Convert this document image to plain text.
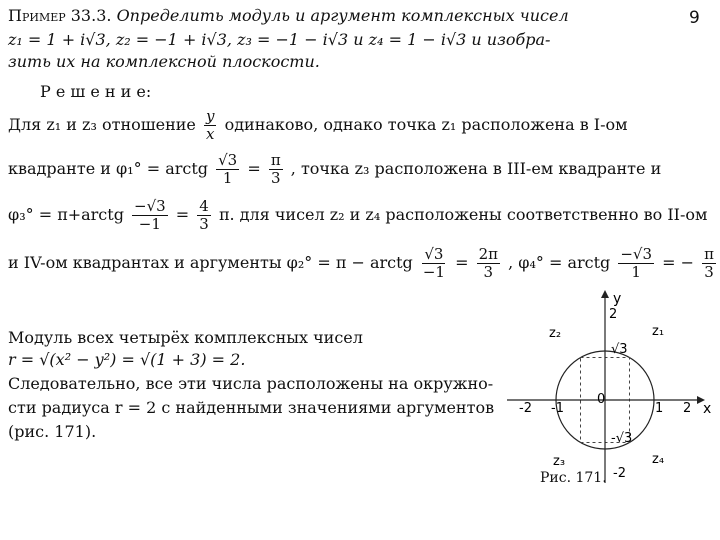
9
Пример 33.3. Определить модуль и аргумент комплексных чисел
z₁ = 1 + i√3, z₂ = −1 + i√3, z₃ = −1 − i√3 и z₄ = 1 − i√3 и изобра-
зить их на комплексной плоскости.
Р е ш е н и е:
Для z₁ и z₃ отношение $\frac{y}{x}$ одинаково, однако точка z₁ расположена в I-ом
квадранте и φ₁° = arctg $\frac{√3}{1} = \frac{\pi}{3}$ , точка z₃ расположена в III-ем квадранте и
φ₃° = π+arctg $\frac{-√3}{-1} = \frac{4}{3} \pi$. для чисел z₂ и z₄ расположены соответственно во II-ом
и IV-ом квадрантах и аргументы φ₂° = π − arctg $\frac{√3}{-1} = \frac{2\pi}{3}$ , φ₄° = arctg $\frac{-√3}{1}$ = − $\frac{\pi}{3}$
Модуль всех четырёх комплексных чисел
r = √(x² − y²) = √(1 + 3) = 2.
Следовательно, все эти числа расположены на окружно-
сти радиуса r = 2 с найденными значениями аргументов
(рис. 171).
y
x
2
-2
-2 -1
0
1 2
√3
-√3
z₁
z₂
z₃	z₄
Рис. 171.
